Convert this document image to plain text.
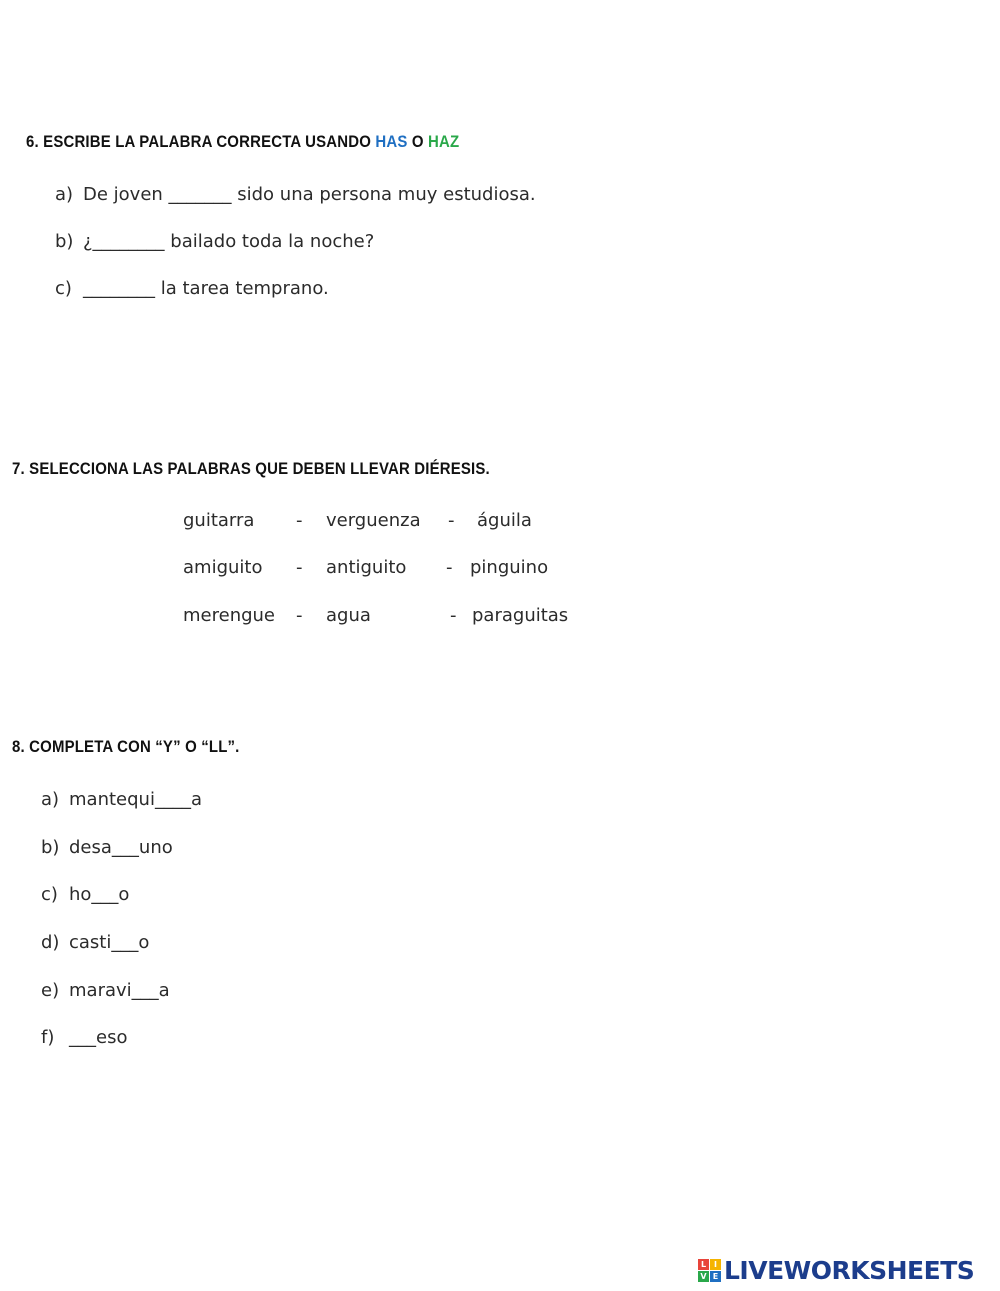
6. ESCRIBE LA PALABRA CORRECTA USANDO HAS O HAZ
a) De joven _______ sido una persona muy estudiosa.
b) ¿________ bailado toda la noche?
c) ________ la tarea temprano.
7. SELECCIONA LAS PALABRAS QUE DEBEN LLEVAR DIÉRESIS.
guitarra - verguenza - águila
amiguito - antiguito - pinguino
merengue - agua	- paraguitas
8. COMPLETA CON “Y” O “LL”.
a) mantequi____a
b) desa___uno
c) ho___o
d) casti___o
e) maravi___a
f) ___eso
L I
V E LIVEWORKSHEETS
